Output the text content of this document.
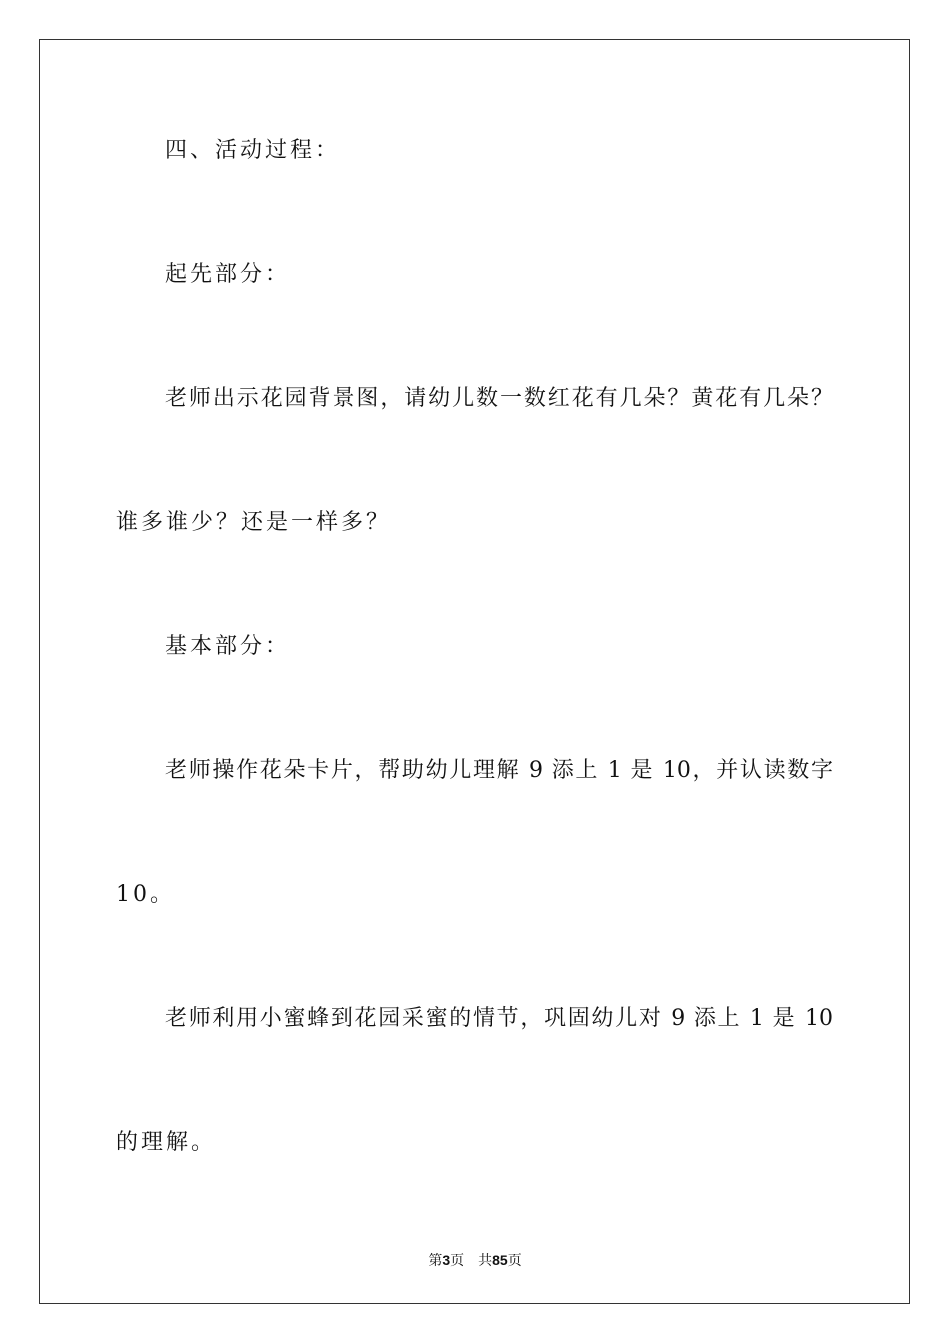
四、活动过程：
起先部分：
老师出示花园背景图，请幼儿数一数红花有几朵？黄花有几朵？
谁多谁少？还是一样多？
基本部分：
老师操作花朵卡片，帮助幼儿理解 9 添上 1 是 10，并认读数字
10。
老师利用小蜜蜂到花园采蜜的情节，巩固幼儿对 9 添上 1 是 10
的理解。
第3页 共85页
